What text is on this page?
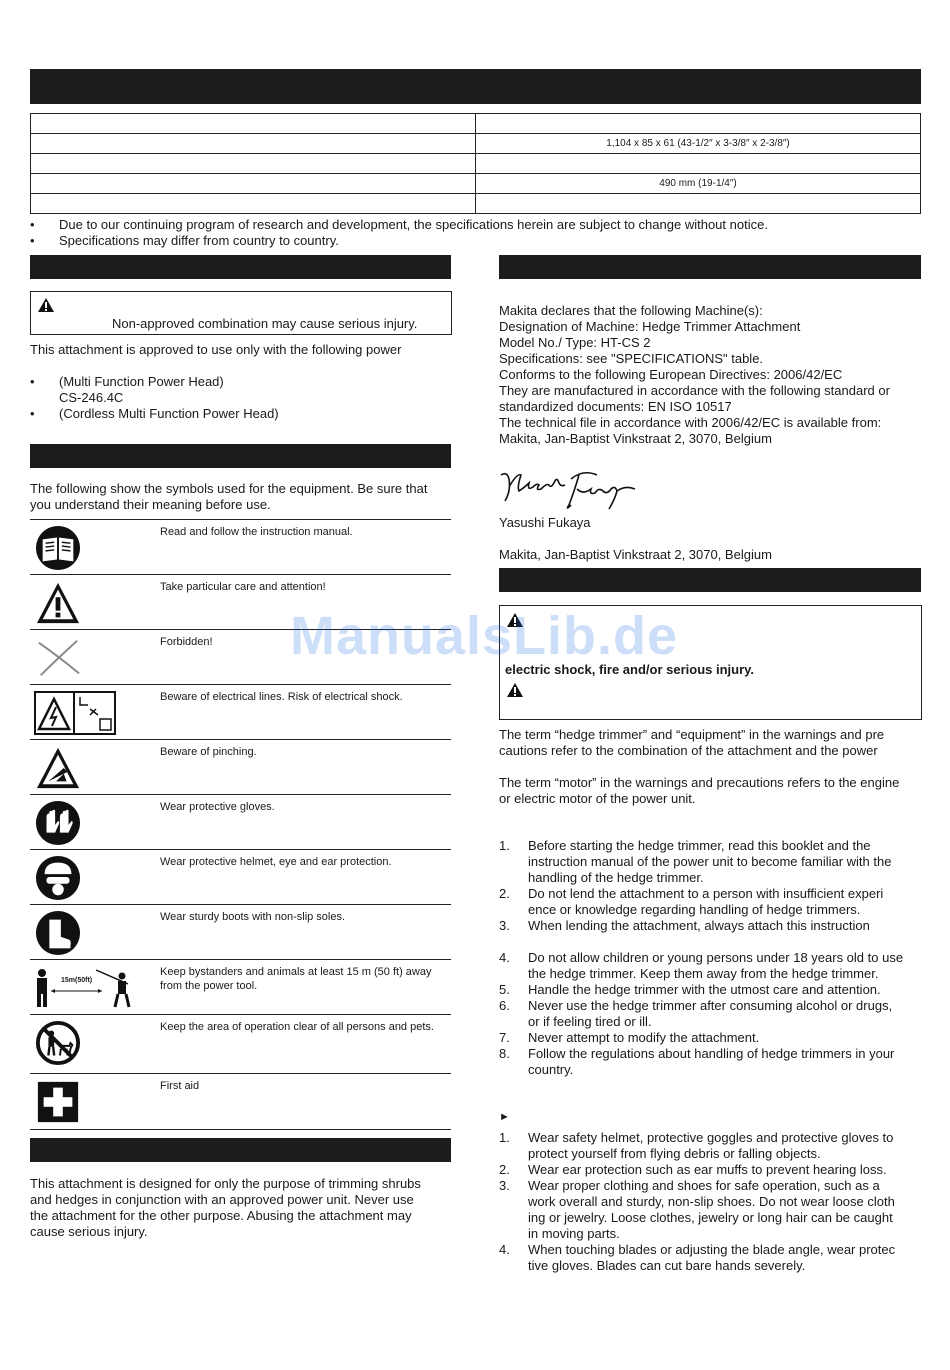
	1,104 x 85 x 61 (43-1/2″ x 3-3/8″ x 2-3/8″)

	490 mm (19-1/4″)

• Due to our continuing program of research and development, the specifications herein are subject to change without notice.
• Specifications may differ from country to country.
Non-approved combination may cause serious injury.
This attachment is approved to use only with the following power
• (Multi Function Power Head)
CS-246.4C
• (Cordless Multi Function Power Head)

The following show the symbols used for the equipment. Be sure that

you understand their meaning before use.

Read and follow the instruction manual.
Take particular care and attention!
Forbidden!
Beware of electrical lines. Risk of electrical shock.
Beware of pinching.
Wear protective gloves.
Wear protective helmet, eye and ear protection.
Wear sturdy boots with non-slip soles.
15m(50ft)
Keep bystanders and animals at least 15 m (50 ft) away from the power tool.
Keep the area of operation clear of all persons and pets.
First aid

This attachment is designed for only the purpose of trimming shrubs

and hedges in conjunction with an approved power unit. Never use

the attachment for the other purpose. Abusing the attachment may

cause serious injury.

Makita declares that the following Machine(s):

Designation of Machine: Hedge Trimmer Attachment

Model No./ Type: HT-CS 2

Specifications: see "SPECIFICATIONS" table.

Conforms to the following European Directives: 2006/42/EC

They are manufactured in accordance with the following standard or

standardized documents: EN ISO 10517

The technical file in accordance with 2006/42/EC is available from:

Makita, Jan-Baptist Vinkstraat 2, 3070, Belgium

Yasushi Fukaya
Makita, Jan-Baptist Vinkstraat 2, 3070, Belgium
electric shock, fire and/or serious injury.

The term “hedge trimmer” and “equipment” in the warnings and pre

cautions refer to the combination of the attachment and the power

The term “motor” in the warnings and precautions refers to the engine

or electric motor of the power unit.

1. Before starting the hedge trimmer, read this booklet and the

instruction manual of the power unit to become familiar with the

handling of the hedge trimmer.

2. Do not lend the attachment to a person with insufficient experi

ence or knowledge regarding handling of hedge trimmers.

3. When lending the attachment, always attach this instruction

4. Do not allow children or young persons under 18 years old to use

the hedge trimmer. Keep them away from the hedge trimmer.

5. Handle the hedge trimmer with the utmost care and attention.

6. Never use the hedge trimmer after consuming alcohol or drugs,

or if feeling tired or ill.

7. Never attempt to modify the attachment.

8. Follow the regulations about handling of hedge trimmers in your

country.

►
1. Wear safety helmet, protective goggles and protective gloves to

protect yourself from flying debris or falling objects.

2. Wear ear protection such as ear muffs to prevent hearing loss.

3. Wear proper clothing and shoes for safe operation, such as a

work overall and sturdy, non-slip shoes. Do not wear loose cloth

ing or jewelry. Loose clothes, jewelry or long hair can be caught

in moving parts.

4. When touching blades or adjusting the blade angle, wear protec

tive gloves. Blades can cut bare hands severely.

ManualsLib.de
